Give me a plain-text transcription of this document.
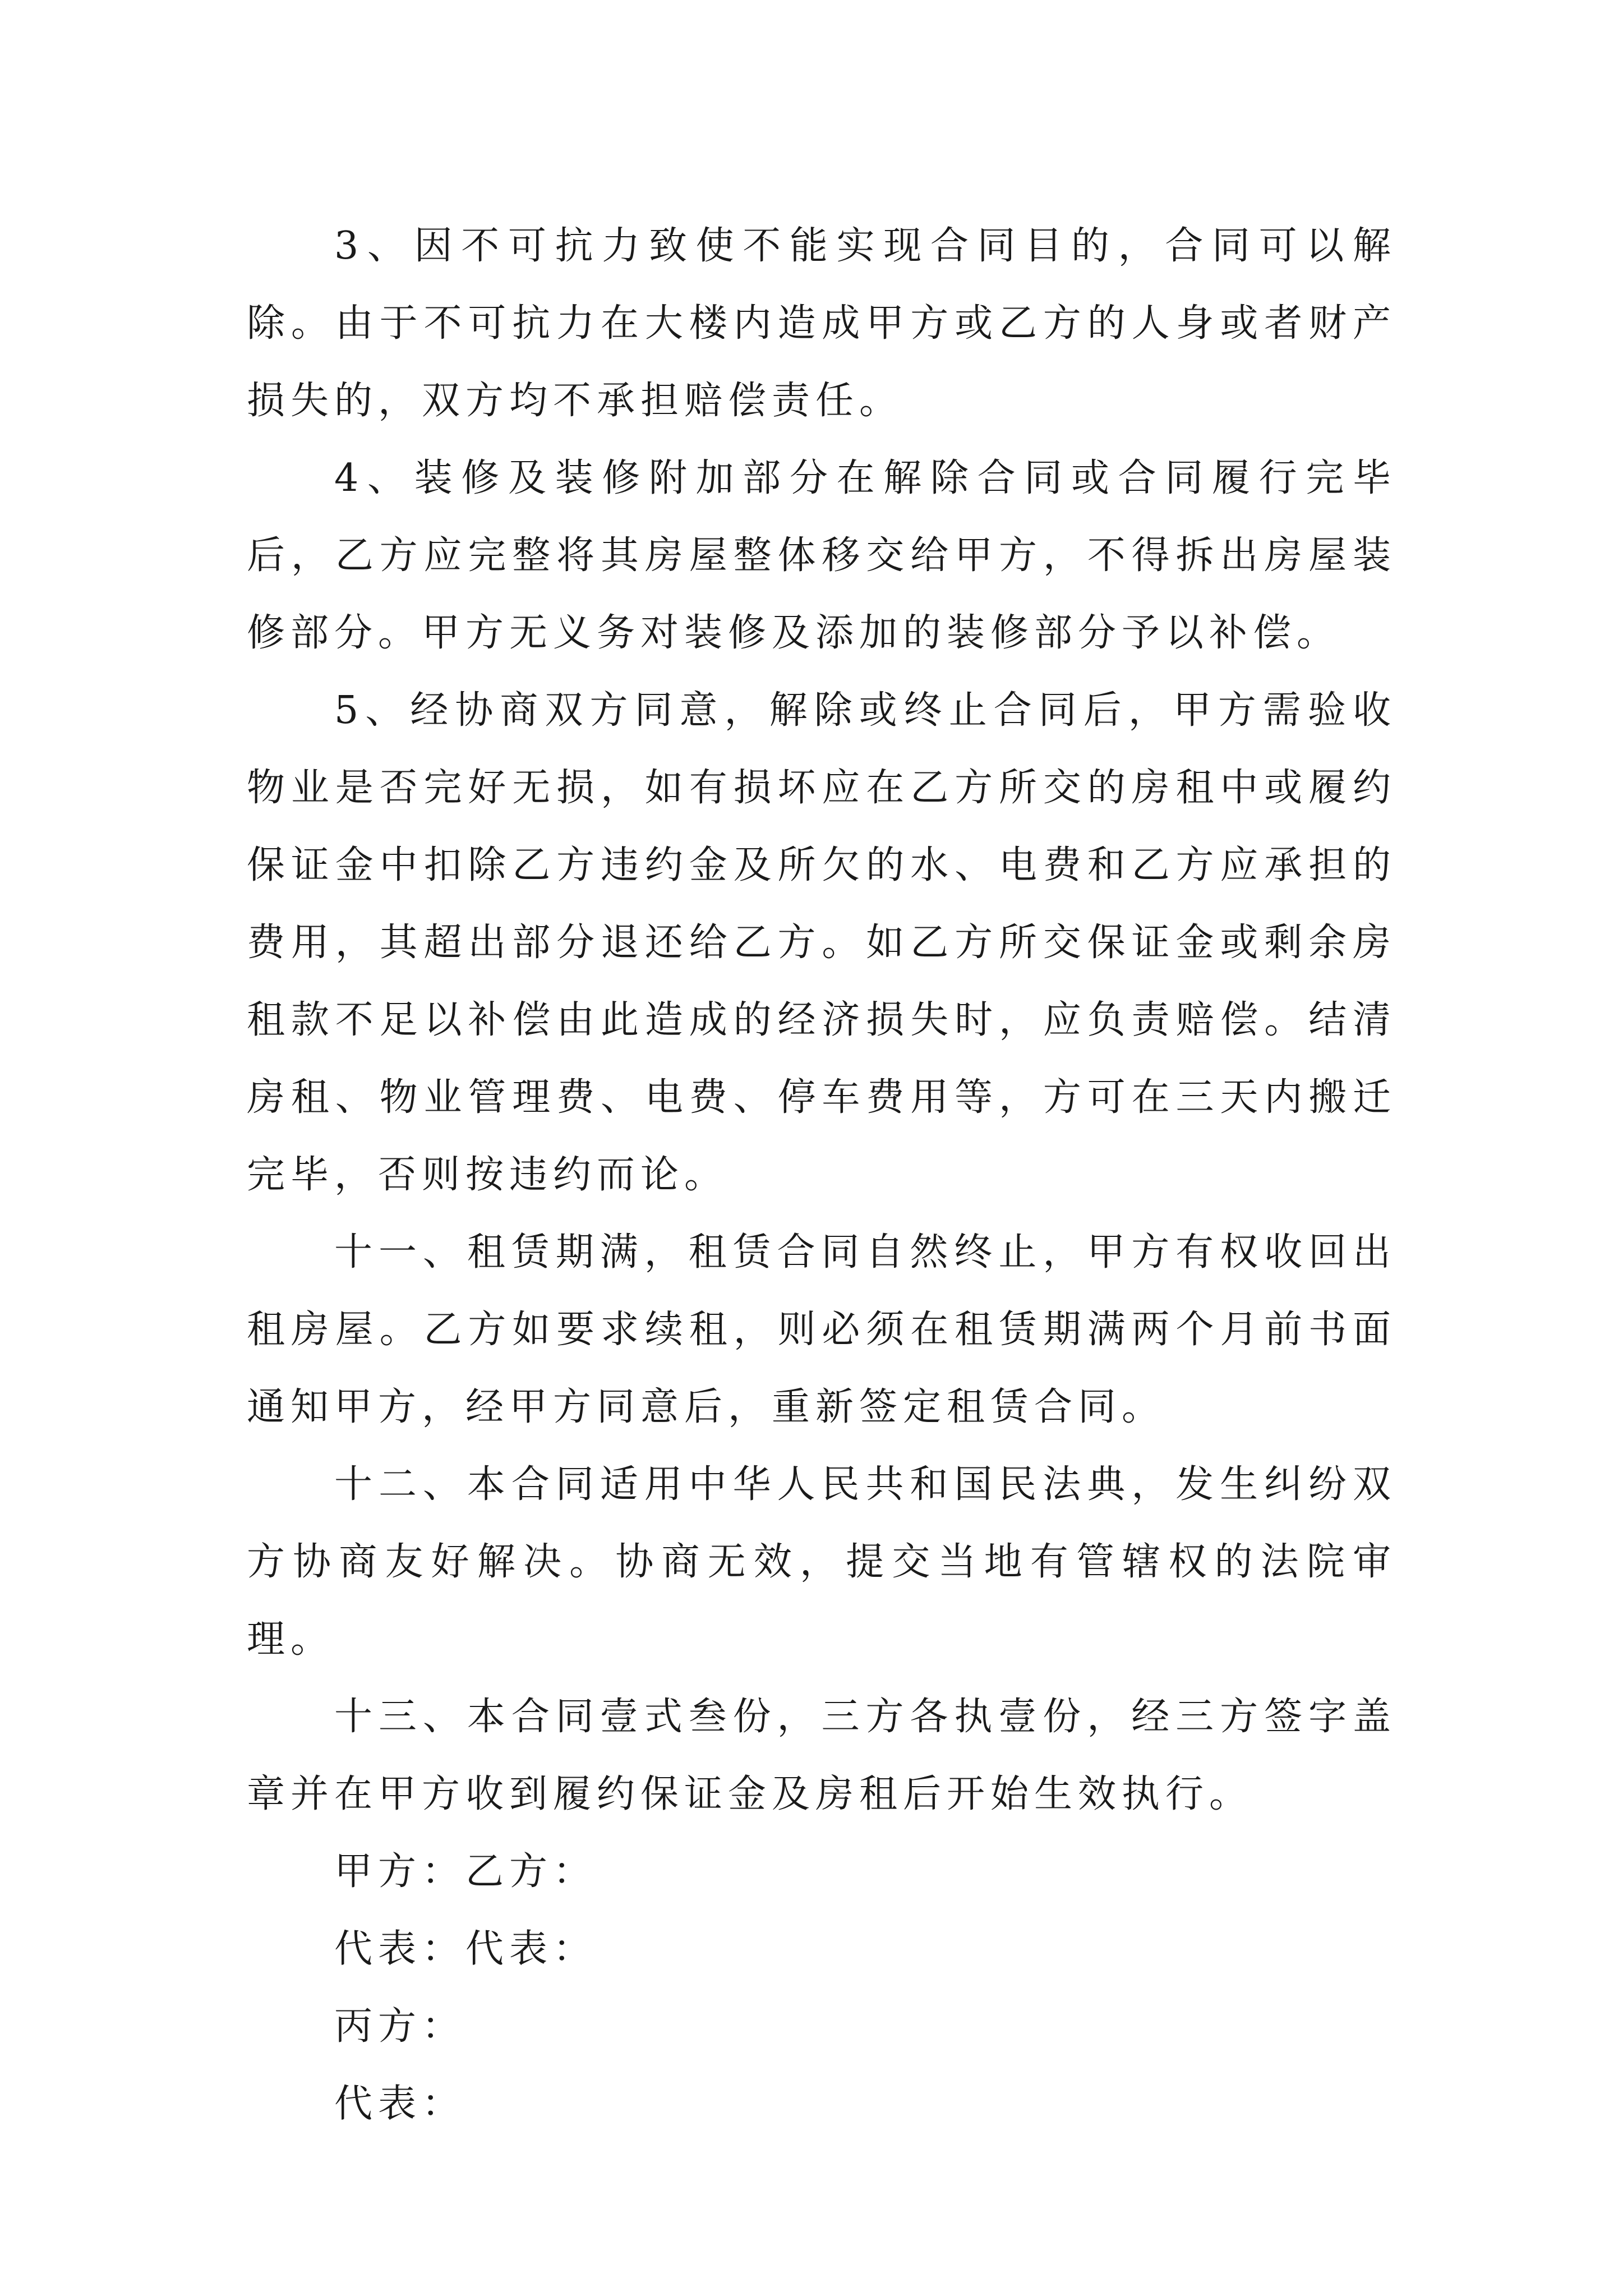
3、因不可抗力致使不能实现合同目的，合同可以解除。由于不可抗力在大楼内造成甲方或乙方的人身或者财产损失的，双方均不承担赔偿责任。

4、装修及装修附加部分在解除合同或合同履行完毕后，乙方应完整将其房屋整体移交给甲方，不得拆出房屋装修部分。甲方无义务对装修及添加的装修部分予以补偿。

5、经协商双方同意，解除或终止合同后，甲方需验收物业是否完好无损，如有损坏应在乙方所交的房租中或履约保证金中扣除乙方违约金及所欠的水、电费和乙方应承担的费用，其超出部分退还给乙方。如乙方所交保证金或剩余房租款不足以补偿由此造成的经济损失时，应负责赔偿。结清房租、物业管理费、电费、停车费用等，方可在三天内搬迁完毕，否则按违约而论。

十一、租赁期满，租赁合同自然终止，甲方有权收回出租房屋。乙方如要求续租，则必须在租赁期满两个月前书面通知甲方，经甲方同意后，重新签定租赁合同。

十二、本合同适用中华人民共和国民法典，发生纠纷双方协商友好解决。协商无效，提交当地有管辖权的法院审理。

十三、本合同壹式叁份，三方各执壹份，经三方签字盖章并在甲方收到履约保证金及房租后开始生效执行。

甲方：乙方：

代表：代表：

丙方：

代表：
